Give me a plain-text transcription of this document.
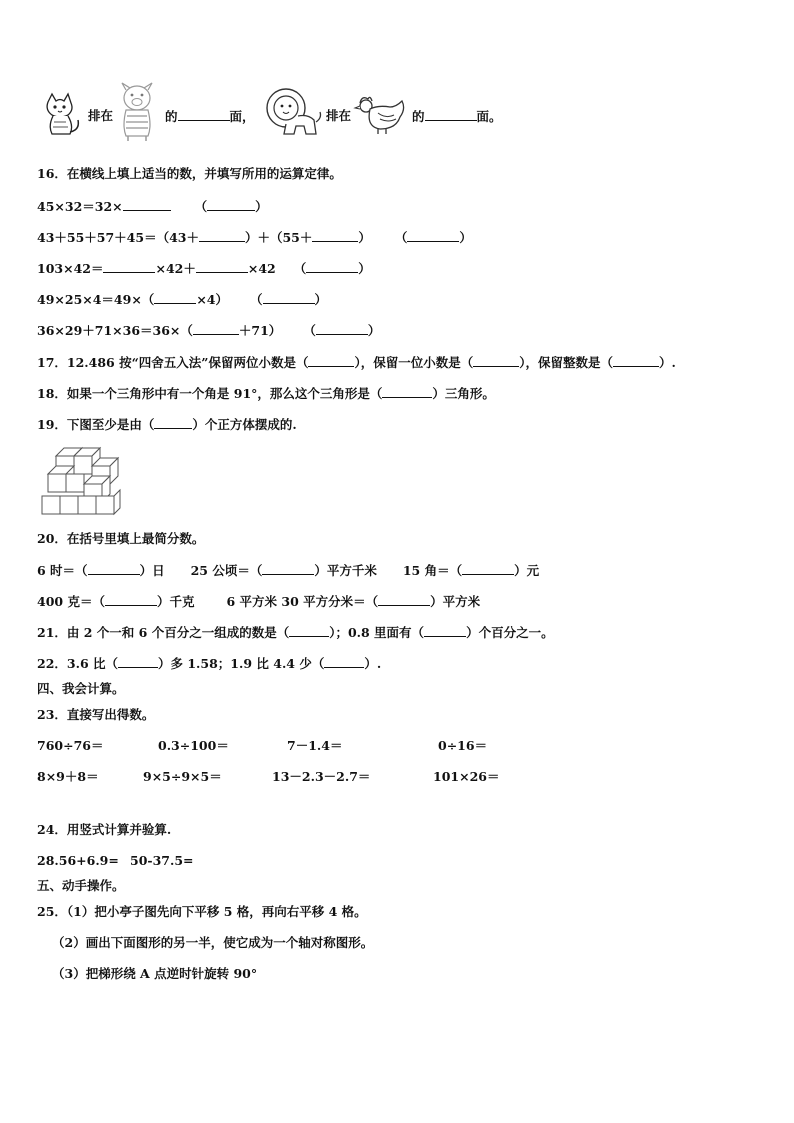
排在	的	面，	排在	的	面。
16．在横线上填上适当的数，并填写所用的运算定律。
45×32＝32×	（	）
43＋55＋57＋45＝（43＋	）＋（55＋	） （	）
103×42＝	×42＋	×42 （	）
49×25×4＝49×（	×4） （	）
36×29＋71×36＝36×（	＋71） （	）
17．12.486 按“四舍五入法”保留两位小数是（	），保留一位小数是（	），保留整数是（	）.
18．如果一个三角形中有一个角是 91°，那么这个三角形是（	）三角形。
19．下图至少是由（	）个正方体摆成的.
20．在括号里填上最简分数。
6 时＝（	）日 25 公顷＝（	）平方千米 15 角＝（	）元
400 克＝（	）千克	6 平方米 30 平方分米＝（	）平方米
21．由 2 个一和 6 个百分之一组成的数是（	）；0.8 里面有（	）个百分之一。
22．3.6 比（	）多 1.58；1.9 比 4.4 少（	）.
四、我会计算。
23．直接写出得数。
760÷76＝	0.3÷100＝	7－1.4＝	0÷16＝
8×9＋8＝	9×5÷9×5＝	13－2.3－2.7＝	101×26＝
24．用竖式计算并验算.
28.56+6.9= 50-37.5=
五、动手操作。
25．（1）把小亭子图先向下平移 5 格，再向右平移 4 格。
（2）画出下面图形的另一半，使它成为一个轴对称图形。
（3）把梯形绕 A 点逆时针旋转 90°
